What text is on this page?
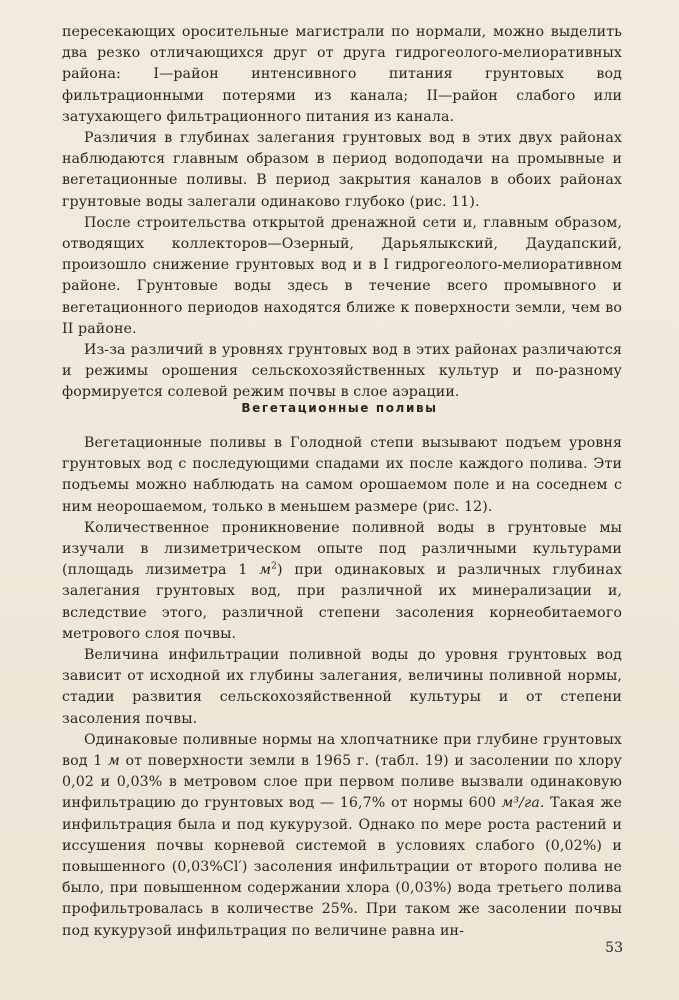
пересекающих оросительные магистрали по нормали, можно выделить два резко отличающихся друг от друга гидрогеолого-мелиоративных района: I—район интенсивного питания грунтовых вод фильтрационными потерями из канала; II—район слабого или затухающего фильтрационного питания из канала.

Различия в глубинах залегания грунтовых вод в этих двух районах наблюдаются главным образом в период водоподачи на промывные и вегетационные поливы. В период закрытия каналов в обоих районах грунтовые воды залегали одинаково глубоко (рис. 11).

После строительства открытой дренажной сети и, главным образом, отводящих коллекторов—Озерный, Дарьялыкский, Даудапский, произошло снижение грунтовых вод и в I гидрогеолого-мелиоративном районе. Грунтовые воды здесь в течение всего промывного и вегетационного периодов находятся ближе к поверхности земли, чем во II районе.

Из-за различий в уровнях грунтовых вод в этих районах различаются и режимы орошения сельскохозяйственных культур и по-разному формируется солевой режим почвы в слое аэрации.

Вегетационные поливы

Вегетационные поливы в Голодной степи вызывают подъем уровня грунтовых вод с последующими спадами их после каждого полива. Эти подъемы можно наблюдать на самом орошаемом поле и на соседнем с ним неорошаемом, только в меньшем размере (рис. 12).

Количественное проникновение поливной воды в грунтовые мы изучали в лизиметрическом опыте под различными культурами (площадь лизиметра 1 $м^2$) при одинаковых и различных глубинах залегания грунтовых вод, при различной их минерализации и, вследствие этого, различной степени засоления корнеобитаемого метрового слоя почвы.

Величина инфильтрации поливной воды до уровня грунтовых вод зависит от исходной их глубины залегания, величины поливной нормы, стадии развития сельскохозяйственной культуры и от степени засоления почвы.

Одинаковые поливные нормы на хлопчатнике при глубине грунтовых вод 1 м от поверхности земли в 1965 г. (табл. 19) и засолении по хлору 0,02 и 0,03% в метровом слое при первом поливе вызвали одинаковую инфильтрацию до грунтовых вод — 16,7% от нормы 600 м³/га. Такая же инфильтрация была и под кукурузой. Однако по мере роста растений и иссушения почвы корневой системой в условиях слабого (0,02%) и повышенного (0,03%Cl′) засоления инфильтрации от второго полива не было, при повышенном содержании хлора (0,03%) вода третьего полива профильтровалась в количестве 25%. При таком же засолении почвы под кукурузой инфильтрация по величине равна ин-

53
